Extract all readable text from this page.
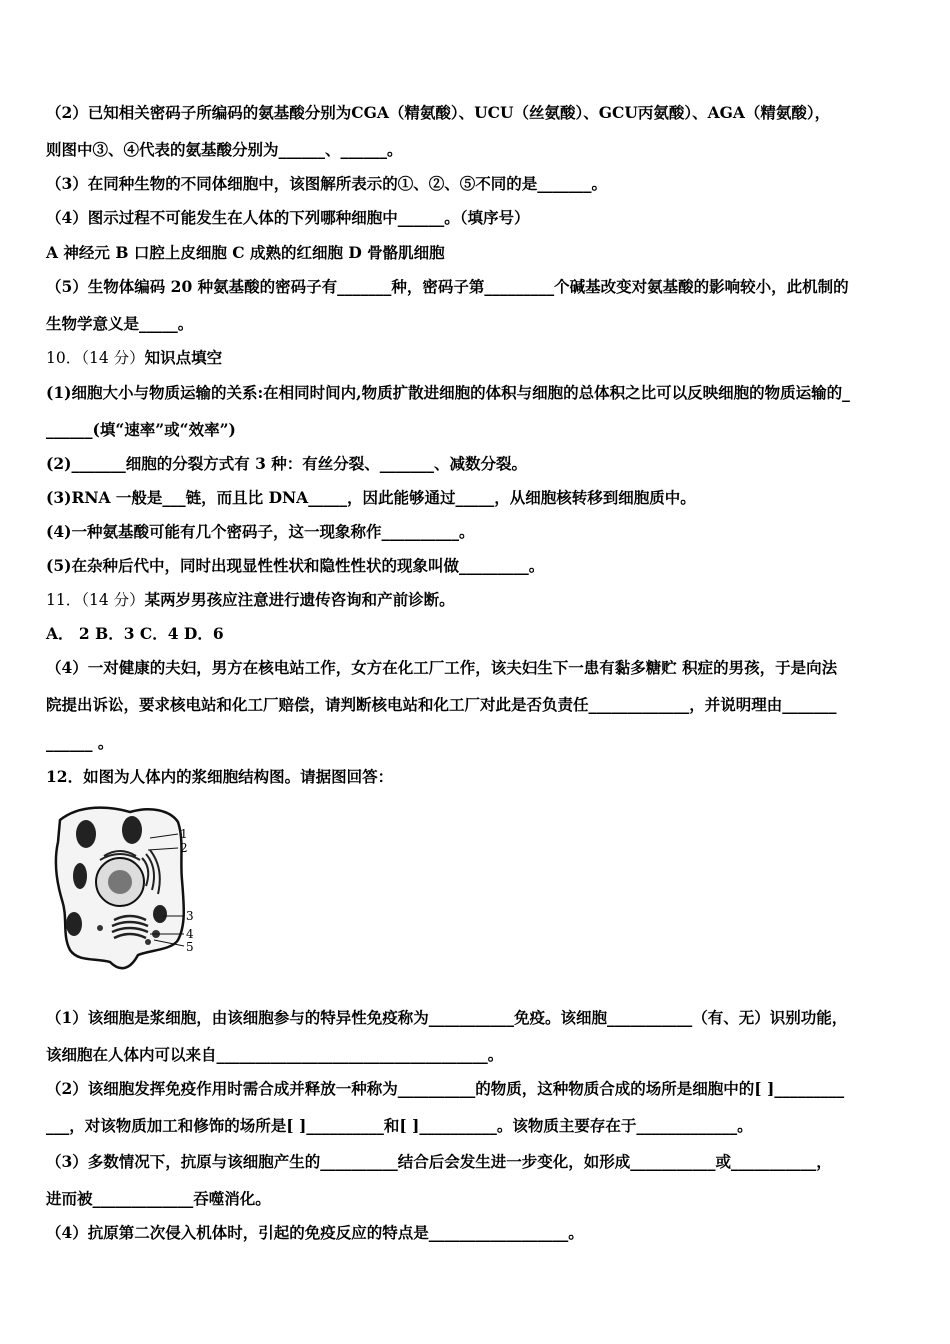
（2）已知相关密码子所编码的氨基酸分别为CGA（精氨酸）、UCU（丝氨酸）、GCU丙氨酸）、AGA（精氨酸），
则图中③、④代表的氨基酸分别为______、______。
（3）在同种生物的不同体细胞中，该图解所表示的①、②、⑤不同的是_______。
（4）图示过程不可能发生在人体的下列哪种细胞中______。（填序号）
A 神经元 B 口腔上皮细胞 C 成熟的红细胞 D 骨骼肌细胞
（5）生物体编码 20 种氨基酸的密码子有_______种，密码子第_________个碱基改变对氨基酸的影响较小，此机制的
生物学意义是_____。
10．（14 分）知识点填空
(1)细胞大小与物质运输的关系:在相同时间内,物质扩散进细胞的体积与细胞的总体积之比可以反映细胞的物质运输的_
______(填“速率”或“效率”)
(2)_______细胞的分裂方式有 3 种：有丝分裂、_______、减数分裂。
(3)RNA 一般是___链，而且比 DNA_____，因此能够通过_____，从细胞核转移到细胞质中。
(4)一种氨基酸可能有几个密码子，这一现象称作__________。
(5)在杂种后代中，同时出现显性性状和隐性性状的现象叫做_________。
11．（14 分）某两岁男孩应注意进行遗传咨询和产前诊断。
A． 2 B．3 C．4 D．6
（4）一对健康的夫妇，男方在核电站工作，女方在化工厂工作，该夫妇生下一患有黏多糖贮 积症的男孩，于是向法
院提出诉讼，要求核电站和化工厂赔偿，请判断核电站和化工厂对此是否负责任_____________，并说明理由_______
______ 。
12．如图为人体内的浆细胞结构图。请据图回答：
1
2
3
4
5
（1）该细胞是浆细胞，由该细胞参与的特异性免疫称为___________免疫。该细胞___________（有、无）识别功能，
该细胞在人体内可以来自___________________________________。
（2）该细胞发挥免疫作用时需合成并释放一种称为__________的物质，这种物质合成的场所是细胞中的[ ]_________
___，对该物质加工和修饰的场所是[ ]__________和[ ]__________。该物质主要存在于_____________。
（3）多数情况下，抗原与该细胞产生的__________结合后会发生进一步变化，如形成___________或___________，
进而被_____________吞噬消化。
（4）抗原第二次侵入机体时，引起的免疫反应的特点是__________________。
